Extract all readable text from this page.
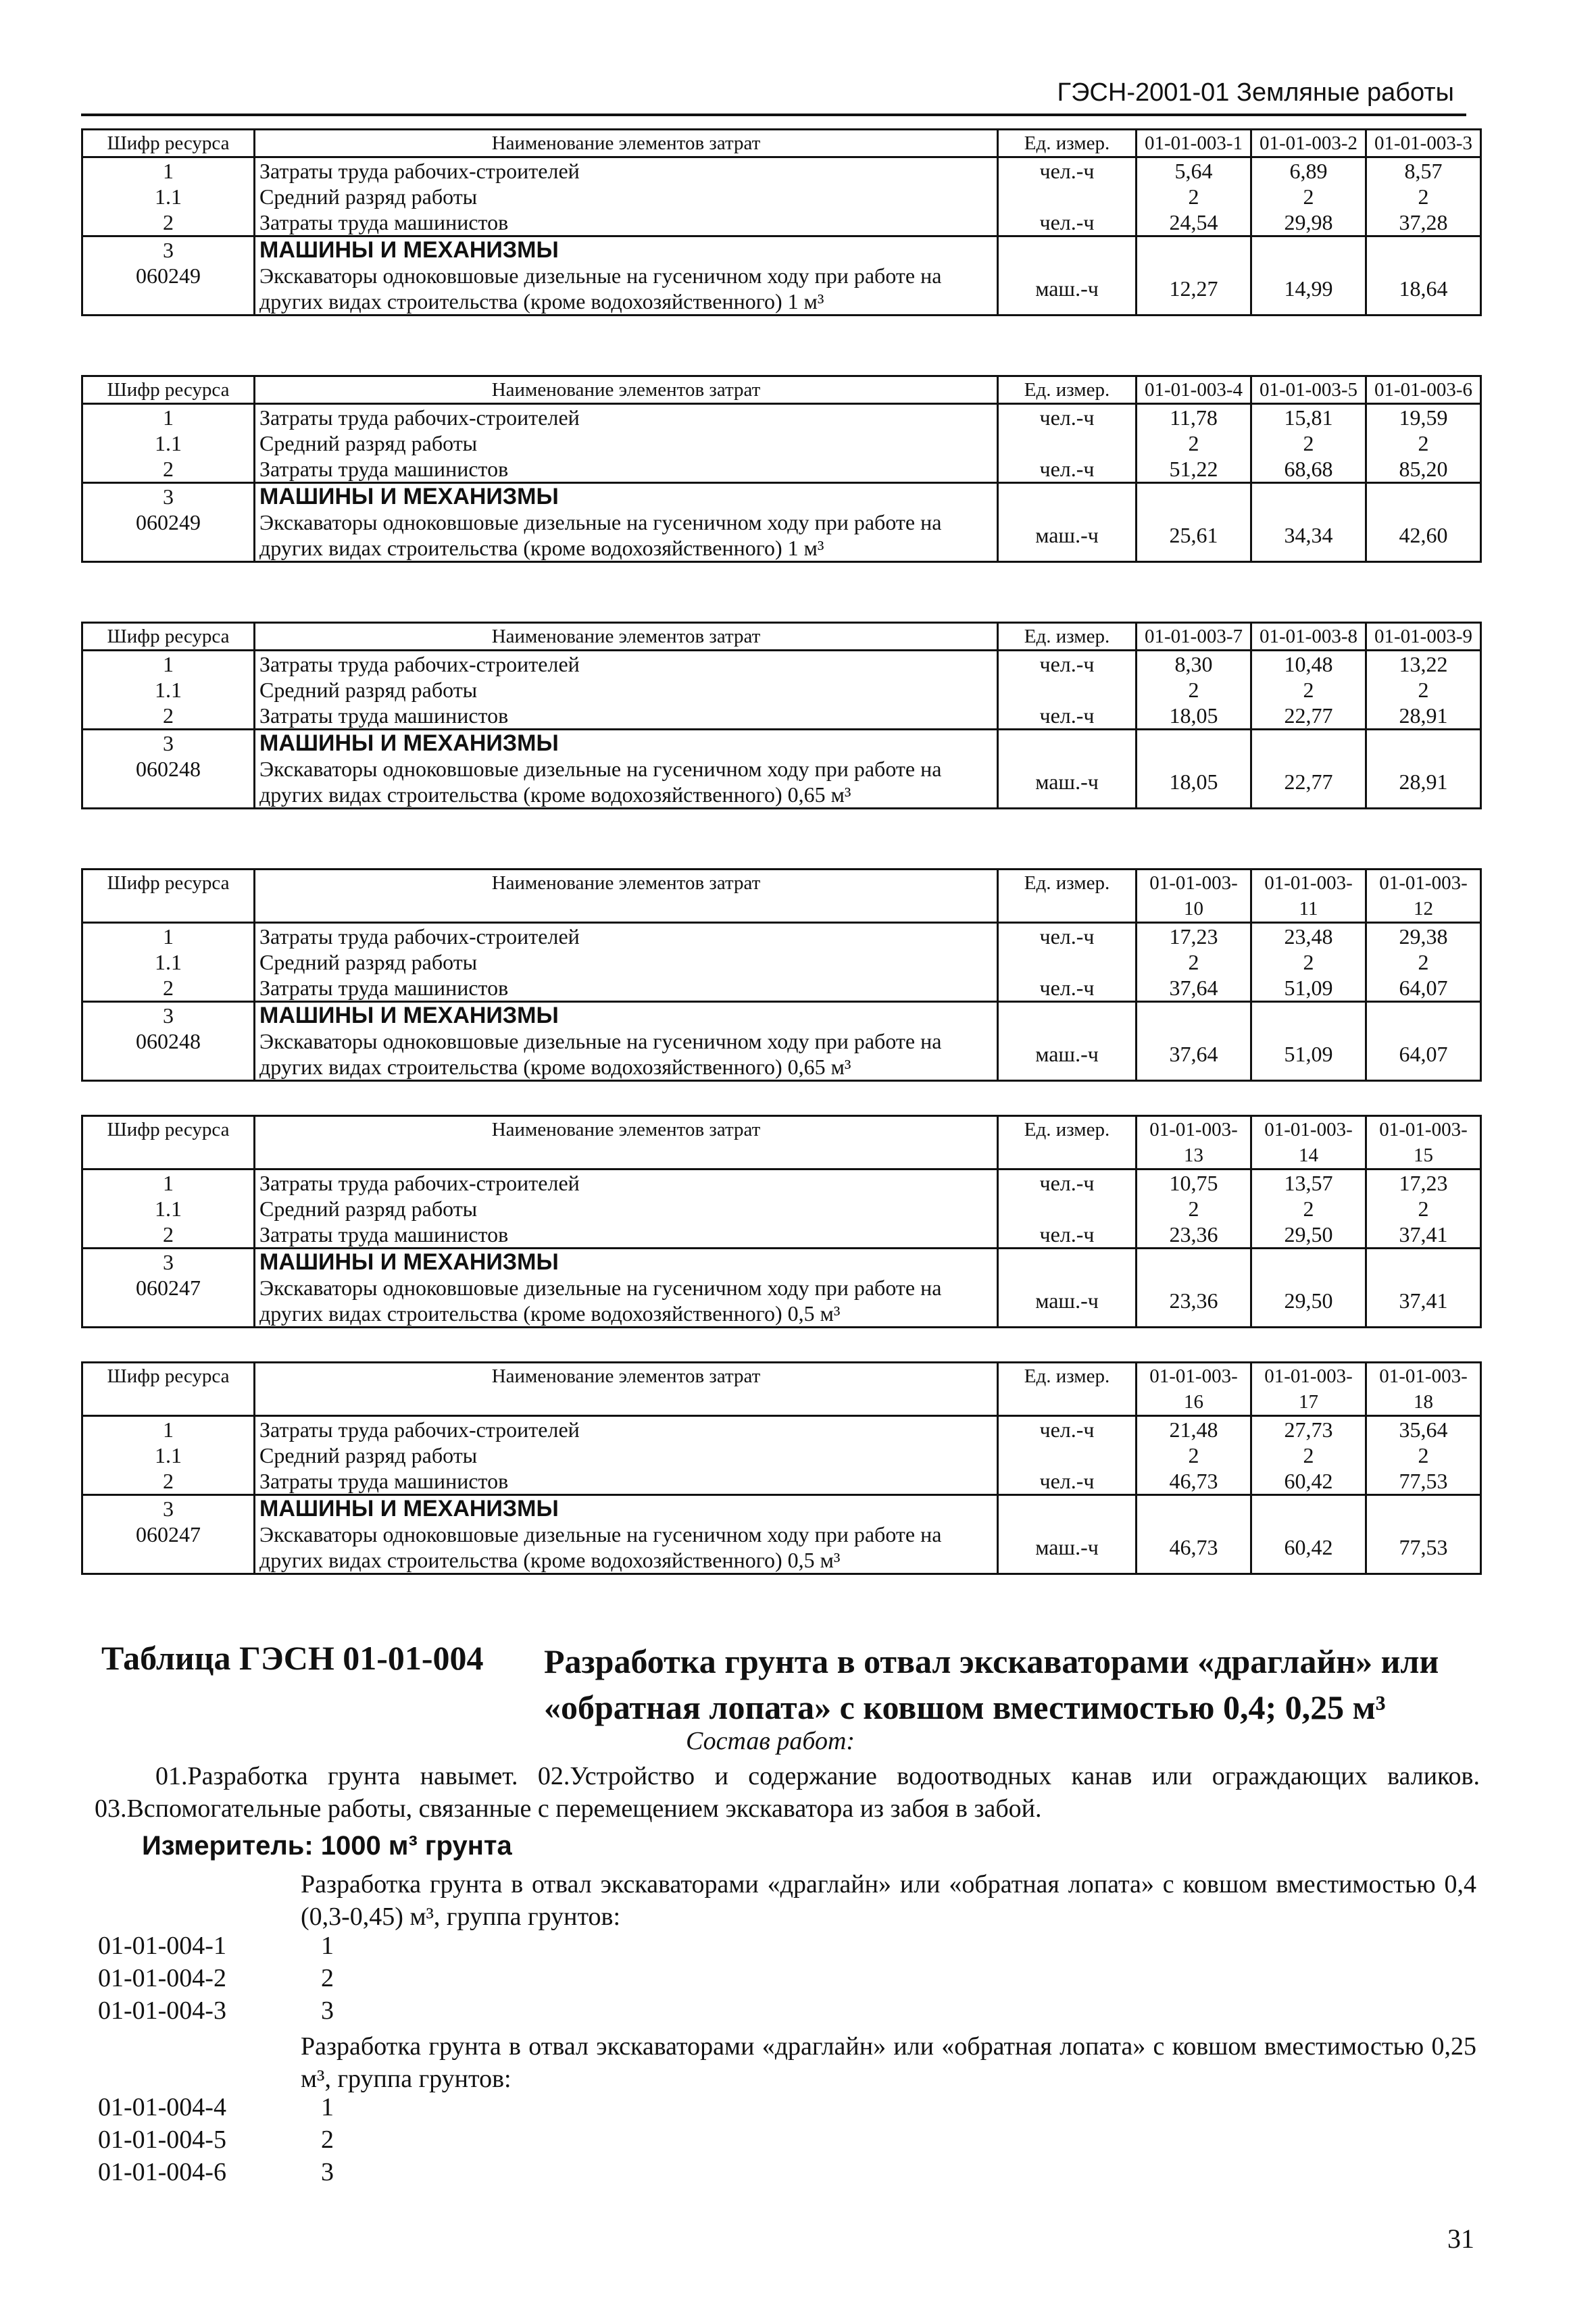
ГЭСН-2001-01 Земляные работы
Шифр ресурса	Наименование элементов затрат	Ед. измер.	01-01-003-1	01-01-003-2	01-01-003-3
1	Затраты труда рабочих-строителей	чел.-ч	5,64	6,89	8,57
1.1	Средний разряд работы		2	2	2
2	Затраты труда машинистов	чел.-ч	24,54	29,98	37,28
3	МАШИНЫ И МЕХАНИЗМЫ				
060249	Экскаваторы одноковшовые дизельные на гусеничном ходу при работе на других видах строительства (кроме водохозяйственного) 1 м³	маш.-ч	12,27	14,99	18,64
Шифр ресурса	Наименование элементов затрат	Ед. измер.	01-01-003-4	01-01-003-5	01-01-003-6
1	Затраты труда рабочих-строителей	чел.-ч	11,78	15,81	19,59
1.1	Средний разряд работы		2	2	2
2	Затраты труда машинистов	чел.-ч	51,22	68,68	85,20
3	МАШИНЫ И МЕХАНИЗМЫ				
060249	Экскаваторы одноковшовые дизельные на гусеничном ходу при работе на других видах строительства (кроме водохозяйственного) 1 м³	маш.-ч	25,61	34,34	42,60
Шифр ресурса	Наименование элементов затрат	Ед. измер.	01-01-003-7	01-01-003-8	01-01-003-9
1	Затраты труда рабочих-строителей	чел.-ч	8,30	10,48	13,22
1.1	Средний разряд работы		2	2	2
2	Затраты труда машинистов	чел.-ч	18,05	22,77	28,91
3	МАШИНЫ И МЕХАНИЗМЫ				
060248	Экскаваторы одноковшовые дизельные на гусеничном ходу при работе на других видах строительства (кроме водохозяйственного) 0,65 м³	маш.-ч	18,05	22,77	28,91
Шифр ресурса	Наименование элементов затрат	Ед. измер.	01-01-003-10	01-01-003-11	01-01-003-12
1	Затраты труда рабочих-строителей	чел.-ч	17,23	23,48	29,38
1.1	Средний разряд работы		2	2	2
2	Затраты труда машинистов	чел.-ч	37,64	51,09	64,07
3	МАШИНЫ И МЕХАНИЗМЫ				
060248	Экскаваторы одноковшовые дизельные на гусеничном ходу при работе на других видах строительства (кроме водохозяйственного) 0,65 м³	маш.-ч	37,64	51,09	64,07
Шифр ресурса	Наименование элементов затрат	Ед. измер.	01-01-003-13	01-01-003-14	01-01-003-15
1	Затраты труда рабочих-строителей	чел.-ч	10,75	13,57	17,23
1.1	Средний разряд работы		2	2	2
2	Затраты труда машинистов	чел.-ч	23,36	29,50	37,41
3	МАШИНЫ И МЕХАНИЗМЫ				
060247	Экскаваторы одноковшовые дизельные на гусеничном ходу при работе на других видах строительства (кроме водохозяйственного) 0,5 м³	маш.-ч	23,36	29,50	37,41
Шифр ресурса	Наименование элементов затрат	Ед. измер.	01-01-003-16	01-01-003-17	01-01-003-18
1	Затраты труда рабочих-строителей	чел.-ч	21,48	27,73	35,64
1.1	Средний разряд работы		2	2	2
2	Затраты труда машинистов	чел.-ч	46,73	60,42	77,53
3	МАШИНЫ И МЕХАНИЗМЫ				
060247	Экскаваторы одноковшовые дизельные на гусеничном ходу при работе на других видах строительства (кроме водохозяйственного) 0,5 м³	маш.-ч	46,73	60,42	77,53
Таблица ГЭСН 01-01-004 Разработка грунта в отвал экскаваторами «драглайн» или «обратная лопата» с ковшом вместимостью 0,4; 0,25 м³
Состав работ:
01.Разработка грунта навымет. 02.Устройство и содержание водоотводных канав или ограждающих валиков. 03.Вспомогательные работы, связанные с перемещением экскаватора из забоя в забой.
Измеритель: 1000 м³ грунта
Разработка грунта в отвал экскаваторами «драглайн» или «обратная лопата» с ковшом вместимостью 0,4 (0,3-0,45) м³, группа грунтов:
01-01-004-1	1
01-01-004-2	2
01-01-004-3	3
Разработка грунта в отвал экскаваторами «драглайн» или «обратная лопата» с ковшом вместимостью 0,25 м³, группа грунтов:
01-01-004-4	1
01-01-004-5	2
01-01-004-6	3
31
